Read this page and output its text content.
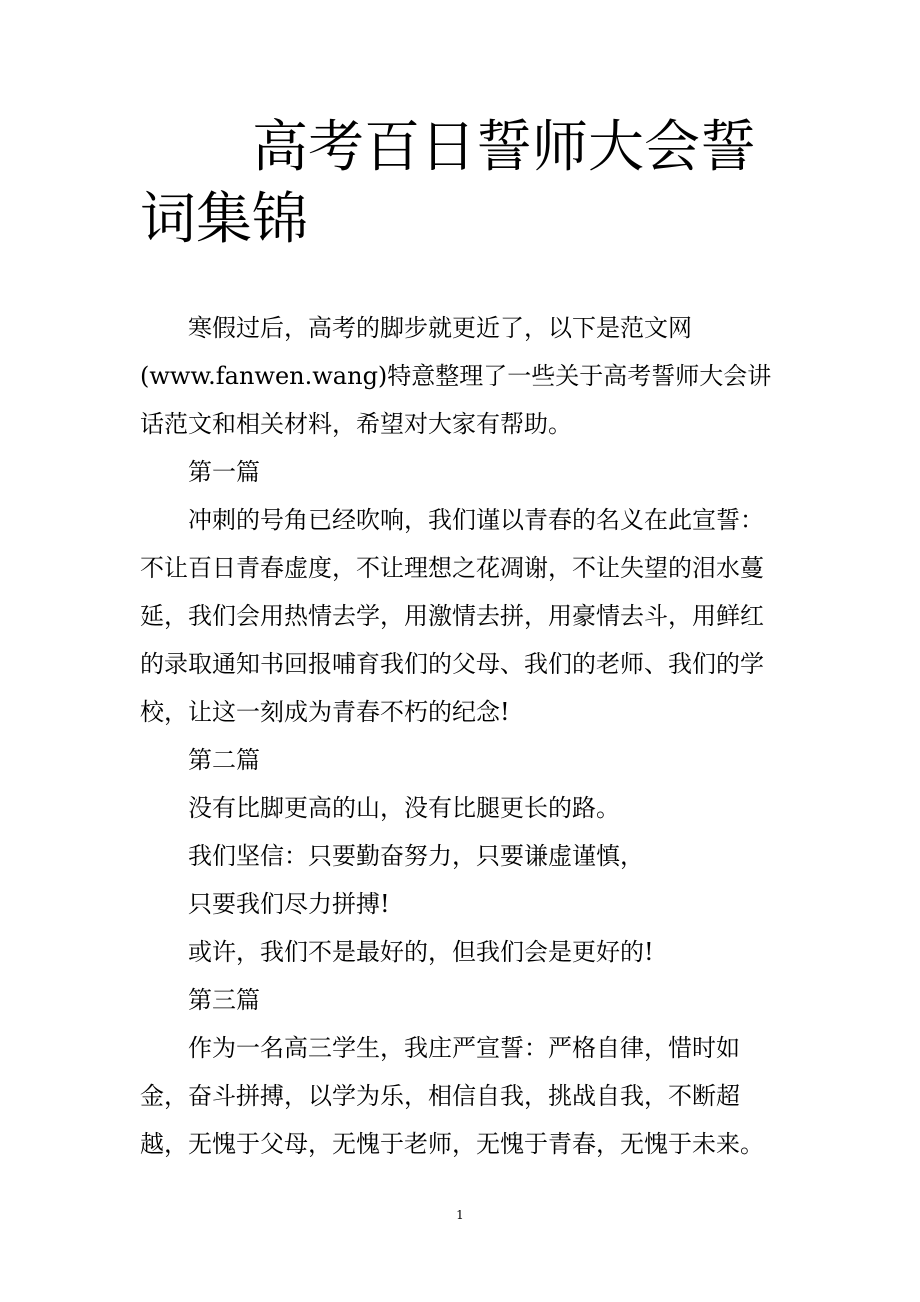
高考百日誓师大会誓词集锦

寒假过后，高考的脚步就更近了，以下是范文网(www.fanwen.wang)特意整理了一些关于高考誓师大会讲话范文和相关材料，希望对大家有帮助。

第一篇

冲刺的号角已经吹响，我们谨以青春的名义在此宣誓：不让百日青春虚度，不让理想之花凋谢，不让失望的泪水蔓延，我们会用热情去学，用激情去拼，用豪情去斗，用鲜红的录取通知书回报哺育我们的父母、我们的老师、我们的学校，让这一刻成为青春不朽的纪念!

第二篇

没有比脚更高的山，没有比腿更长的路。

我们坚信：只要勤奋努力，只要谦虚谨慎，

只要我们尽力拼搏!

或许，我们不是最好的，但我们会是更好的!

第三篇

作为一名高三学生，我庄严宣誓：严格自律，惜时如金，奋斗拼搏，以学为乐，相信自我，挑战自我，不断超越，无愧于父母，无愧于老师，无愧于青春，无愧于未来。

1
